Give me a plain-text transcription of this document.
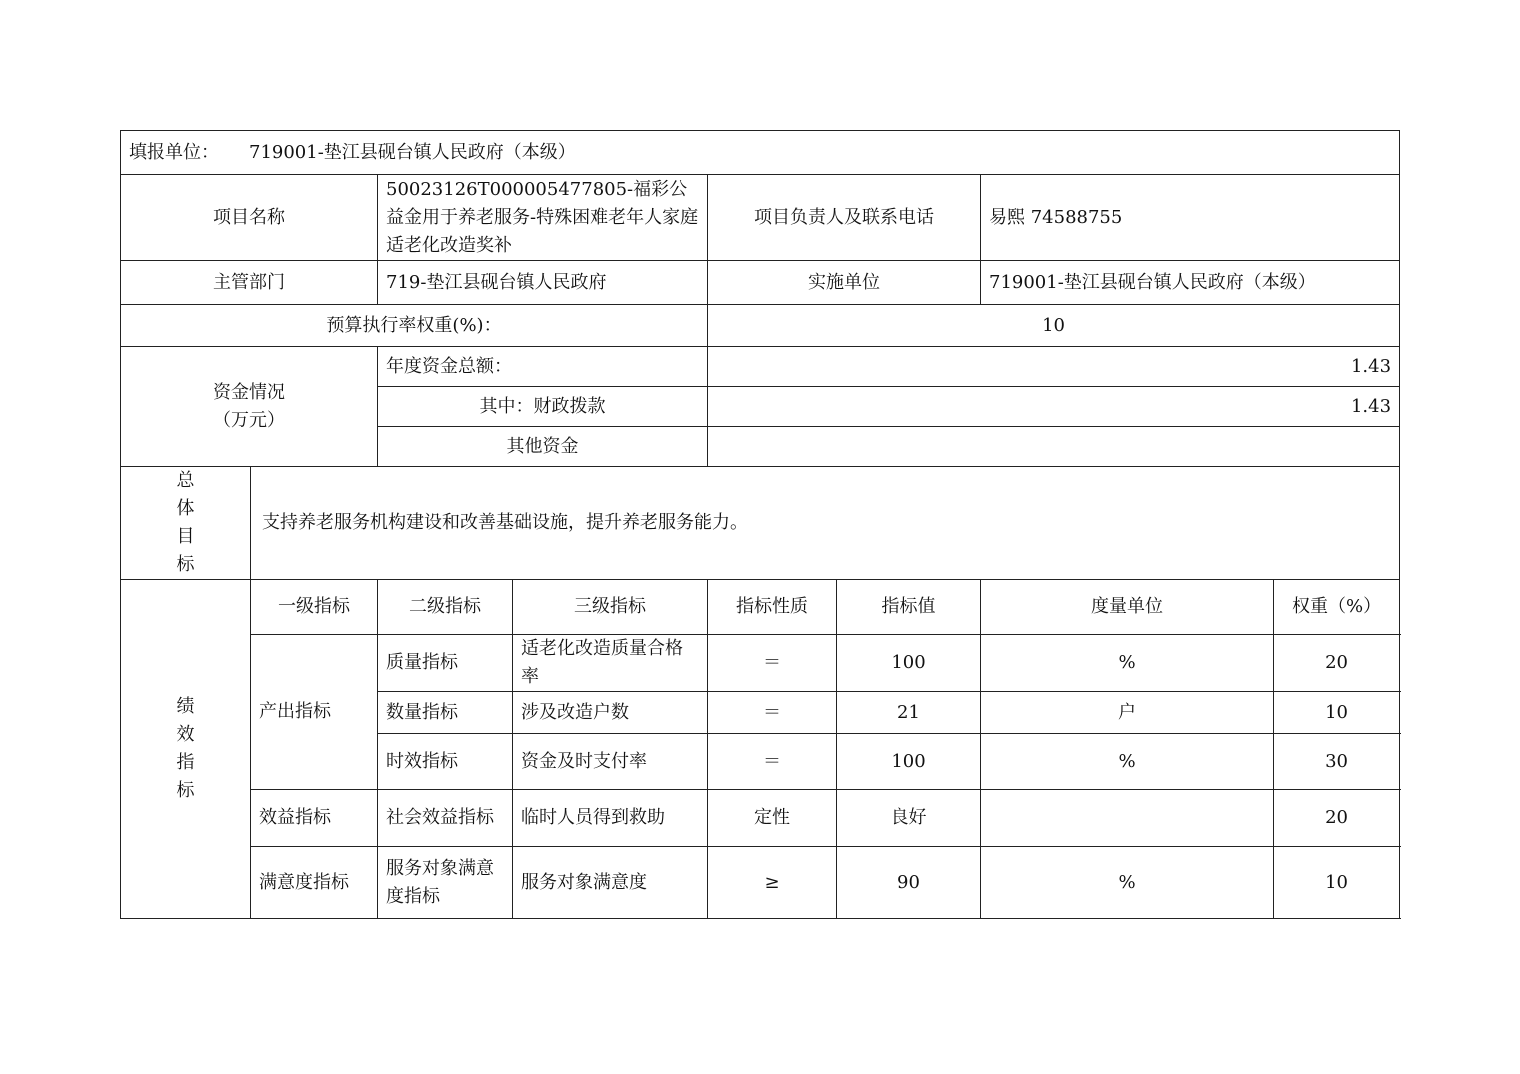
填报单位： 719001-垫江县砚台镇人民政府（本级）							
项目名称		50023126T000005477805-福彩公益金用于养老服务-特殊困难老年人家庭适老化改造奖补		项目负责人及联系电话		易熙 74588755	
主管部门		719-垫江县砚台镇人民政府		实施单位		719001-垫江县砚台镇人民政府（本级）	
预算执行率权重(%)：				10			

资金情况
（万元）		年度资金总额：		1.43			
		其中：财政拨款		1.43			
		其他资金					

总
体
目
标	支持养老服务机构建设和改善基础设施，提升养老服务能力。						

绩
效
指
标	一级指标	二级指标	三级指标	指标性质	指标值	度量单位	权重（%）
	产出指标	质量指标	适老化改造质量合格率	＝	100	%	20
		数量指标	涉及改造户数	＝	21	户	10
		时效指标	资金及时支付率	＝	100	%	30
	效益指标	社会效益指标	临时人员得到救助	定性	良好		20
	满意度指标	服务对象满意度指标	服务对象满意度	≥	90	%	10
